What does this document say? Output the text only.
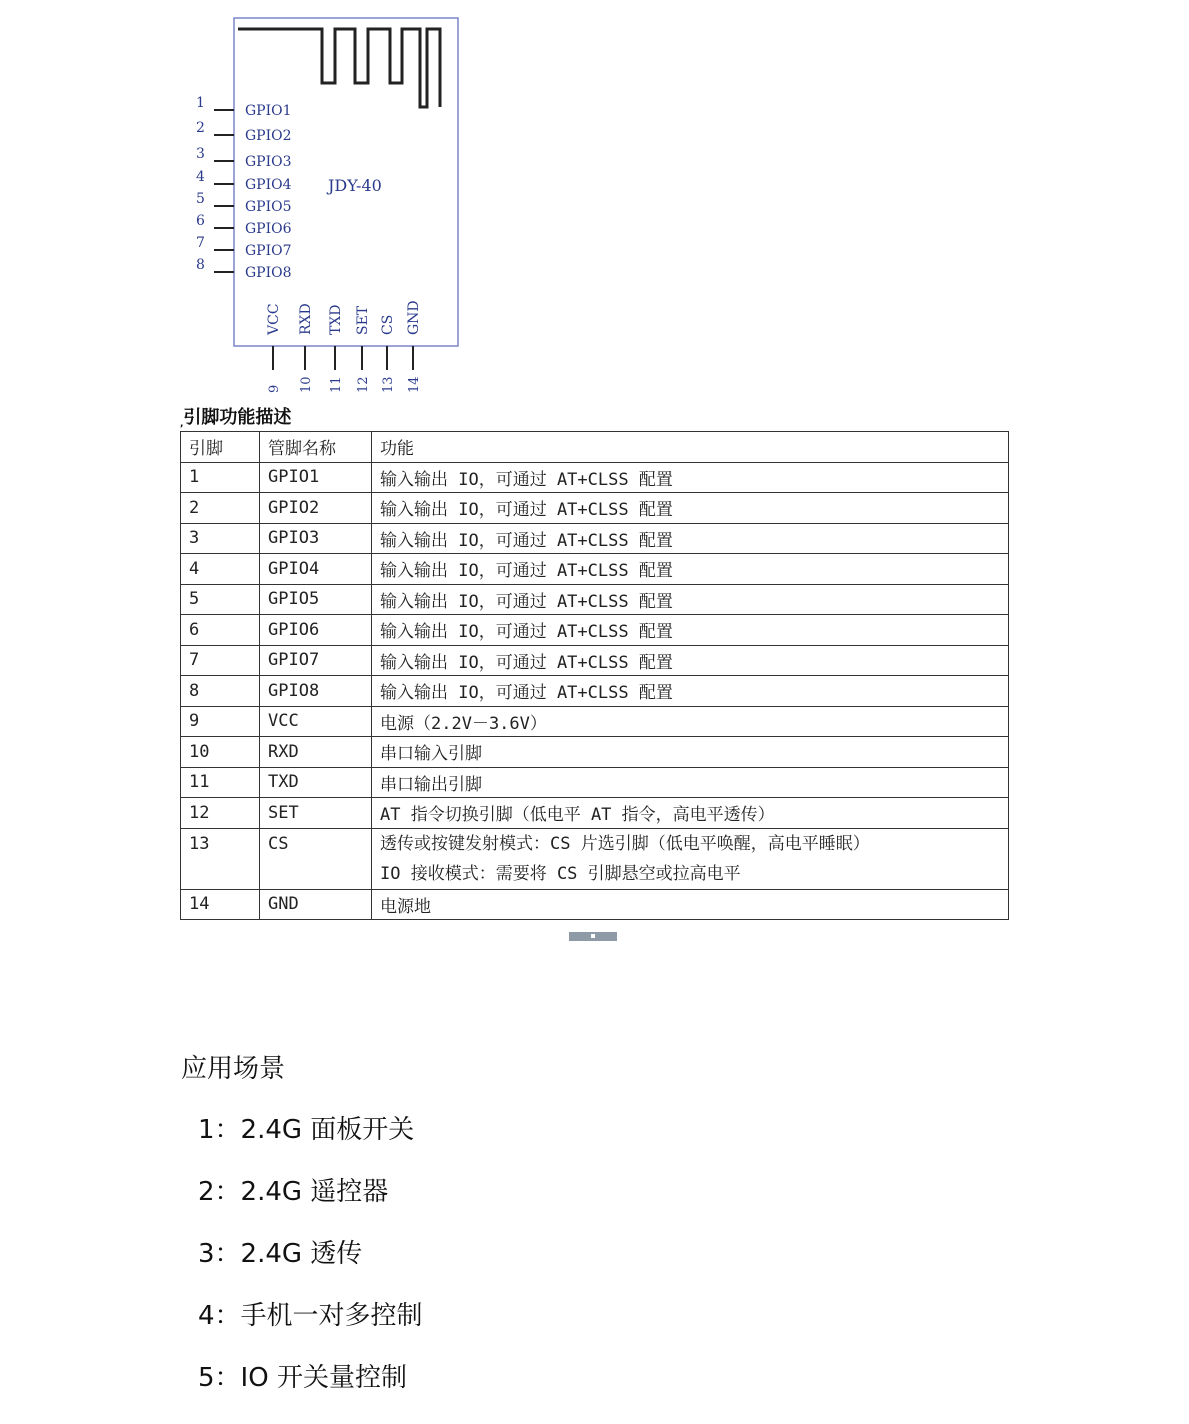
JDY-40
1	GPIO1
2	GPIO2
3	GPIO3
4	GPIO4
5	GPIO5
6	GPIO6
7	GPIO7
8	GPIO8
VCC
9
RXD
10
TXD
11
SET
12
CS
13
GND
14
,引脚功能描述
引脚	管脚名称	功能
1	GPIO1	输入输出 IO，可通过 AT+CLSS 配置
2	GPIO2	输入输出 IO，可通过 AT+CLSS 配置
3	GPIO3	输入输出 IO，可通过 AT+CLSS 配置
4	GPIO4	输入输出 IO，可通过 AT+CLSS 配置
5	GPIO5	输入输出 IO，可通过 AT+CLSS 配置
6	GPIO6	输入输出 IO，可通过 AT+CLSS 配置
7	GPIO7	输入输出 IO，可通过 AT+CLSS 配置
8	GPIO8	输入输出 IO，可通过 AT+CLSS 配置
9	VCC	电源（2.2V－3.6V）
10	RXD	串口输入引脚
11	TXD	串口输出引脚
12	SET	AT 指令切换引脚（低电平 AT 指令，高电平透传）
13	CS	透传或按键发射模式：CS 片选引脚（低电平唤醒，高电平睡眠）
IO 接收模式：需要将 CS 引脚悬空或拉高电平

14	GND	电源地
应用场景
1：2.4G 面板开关
2：2.4G 遥控器
3：2.4G 透传
4：手机一对多控制
5：IO 开关量控制
